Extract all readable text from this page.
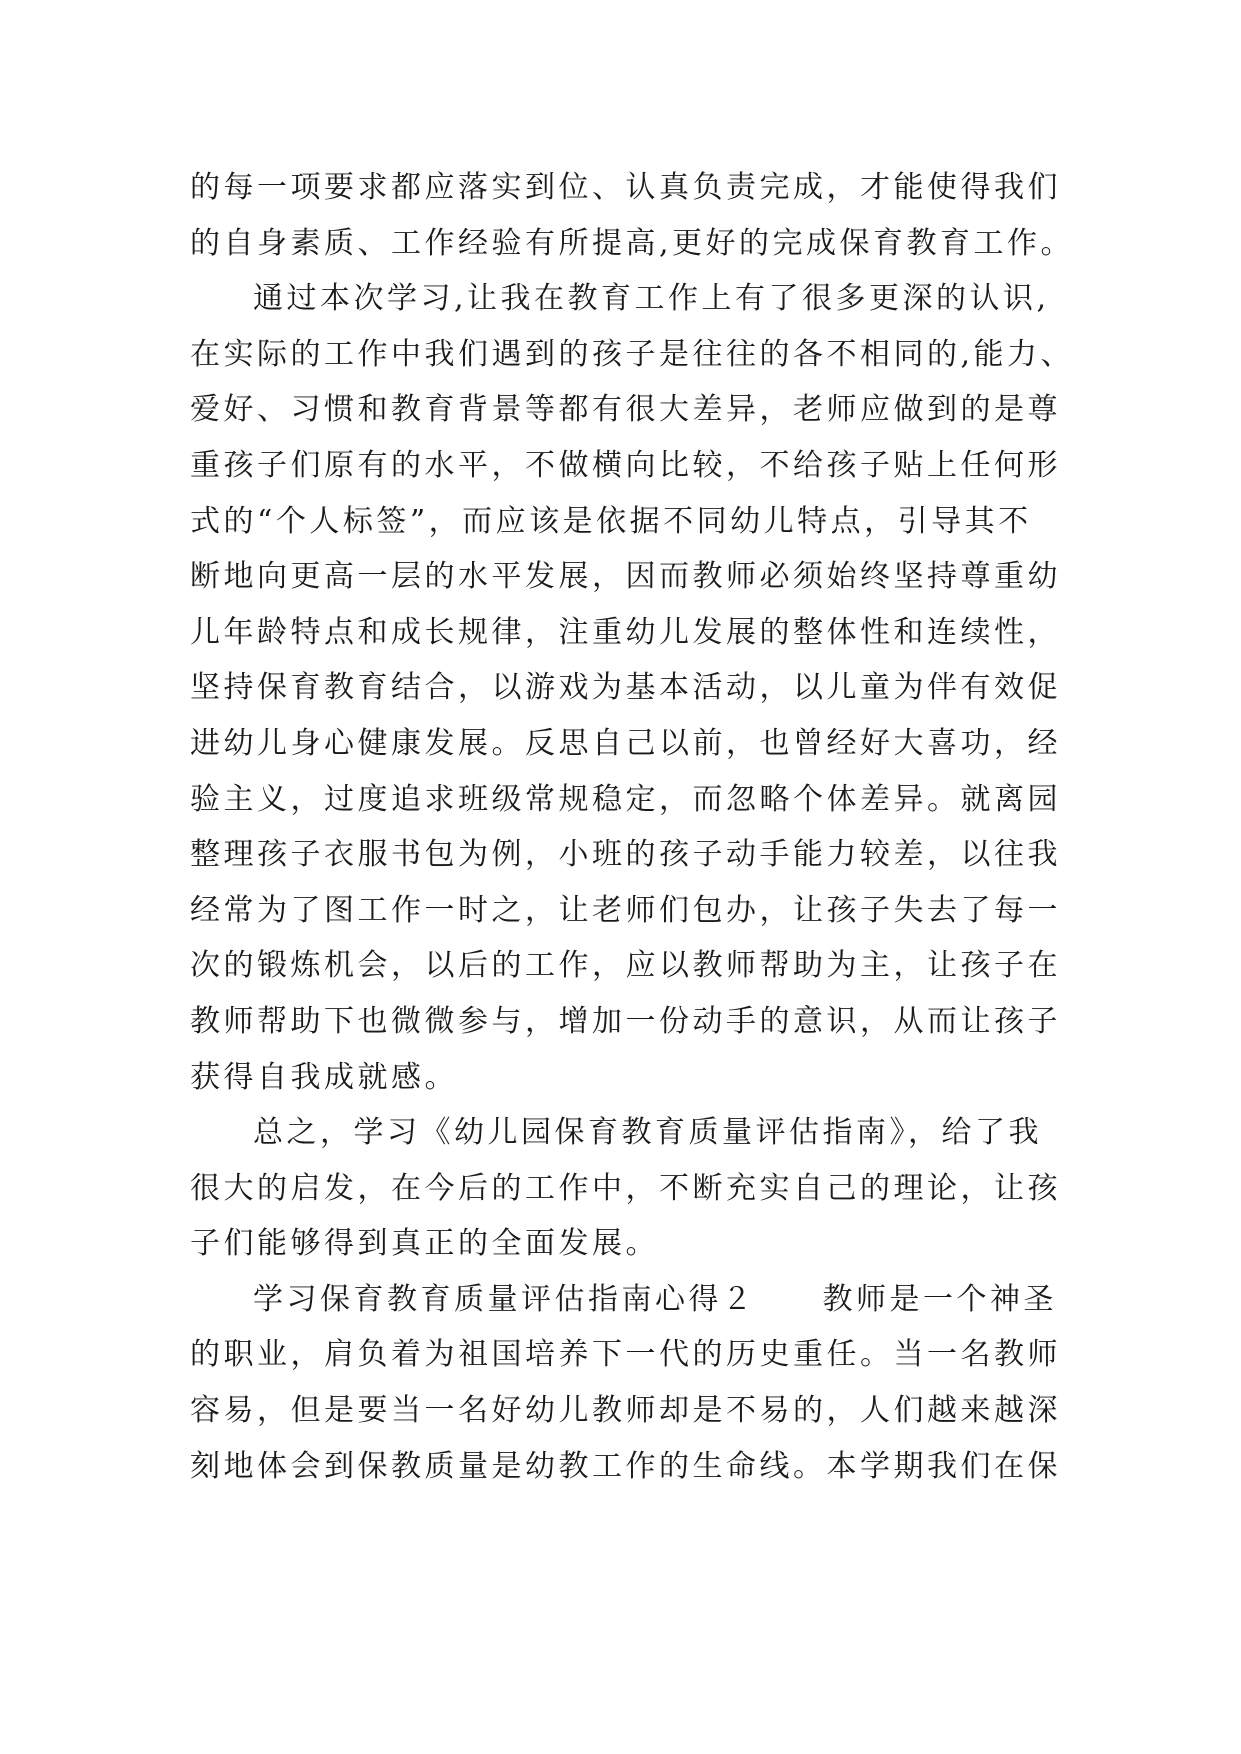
的每一项要求都应落实到位、认真负责完成，才能使得我们
的自身素质、工作经验有所提高,更好的完成保育教育工作。
通过本次学习,让我在教育工作上有了很多更深的认识,
在实际的工作中我们遇到的孩子是往往的各不相同的,能力、
爱好、习惯和教育背景等都有很大差异，老师应做到的是尊
重孩子们原有的水平，不做横向比较，不给孩子贴上任何形
式的“个人标签”，而应该是依据不同幼儿特点，引导其不
断地向更高一层的水平发展，因而教师必须始终坚持尊重幼
儿年龄特点和成长规律，注重幼儿发展的整体性和连续性，
坚持保育教育结合，以游戏为基本活动，以儿童为伴有效促
进幼儿身心健康发展。反思自己以前，也曾经好大喜功，经
验主义，过度追求班级常规稳定，而忽略个体差异。就离园
整理孩子衣服书包为例，小班的孩子动手能力较差，以往我
经常为了图工作一时之，让老师们包办，让孩子失去了每一
次的锻炼机会，以后的工作，应以教师帮助为主，让孩子在
教师帮助下也微微参与，增加一份动手的意识，从而让孩子
获得自我成就感。
总之，学习《幼儿园保育教育质量评估指南》，给了我
很大的启发，在今后的工作中，不断充实自己的理论，让孩
子们能够得到真正的全面发展。
学习保育教育质量评估指南心得２　　教师是一个神圣
的职业，肩负着为祖国培养下一代的历史重任。当一名教师
容易，但是要当一名好幼儿教师却是不易的，人们越来越深
刻地体会到保教质量是幼教工作的生命线。本学期我们在保
